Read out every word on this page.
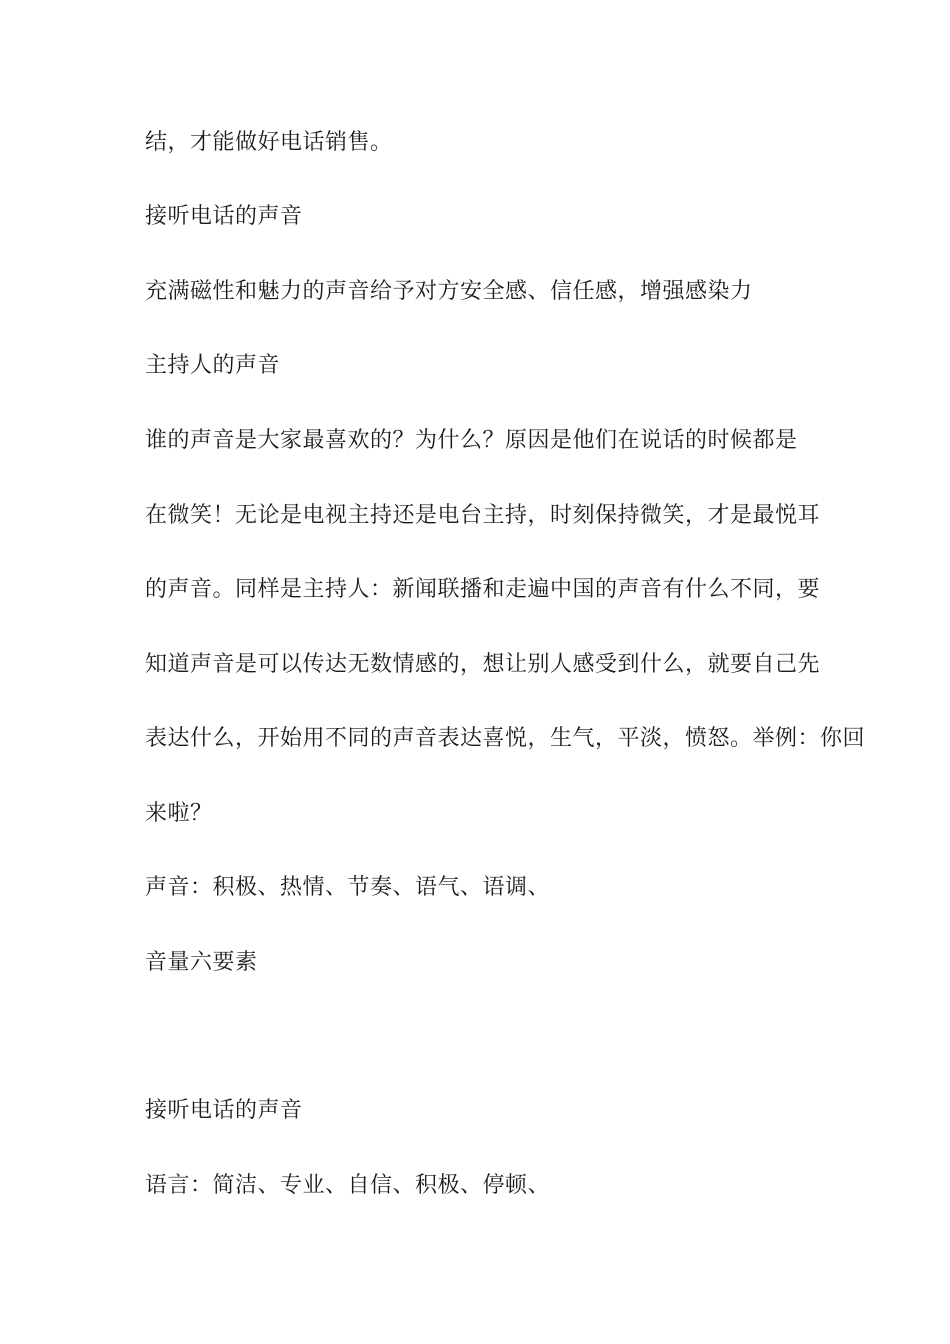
结，才能做好电话销售。
接听电话的声音
充满磁性和魅力的声音给予对方安全感、信任感，增强感染力
主持人的声音
谁的声音是大家最喜欢的？为什么？原因是他们在说话的时候都是
在微笑！无论是电视主持还是电台主持，时刻保持微笑，才是最悦耳
的声音。同样是主持人：新闻联播和走遍中国的声音有什么不同，要
知道声音是可以传达无数情感的，想让别人感受到什么，就要自己先
表达什么，开始用不同的声音表达喜悦，生气，平淡，愤怒。举例：你回
来啦？
声音：积极、热情、节奏、语气、语调、
音量六要素
接听电话的声音
语言：简洁、专业、自信、积极、停顿、
